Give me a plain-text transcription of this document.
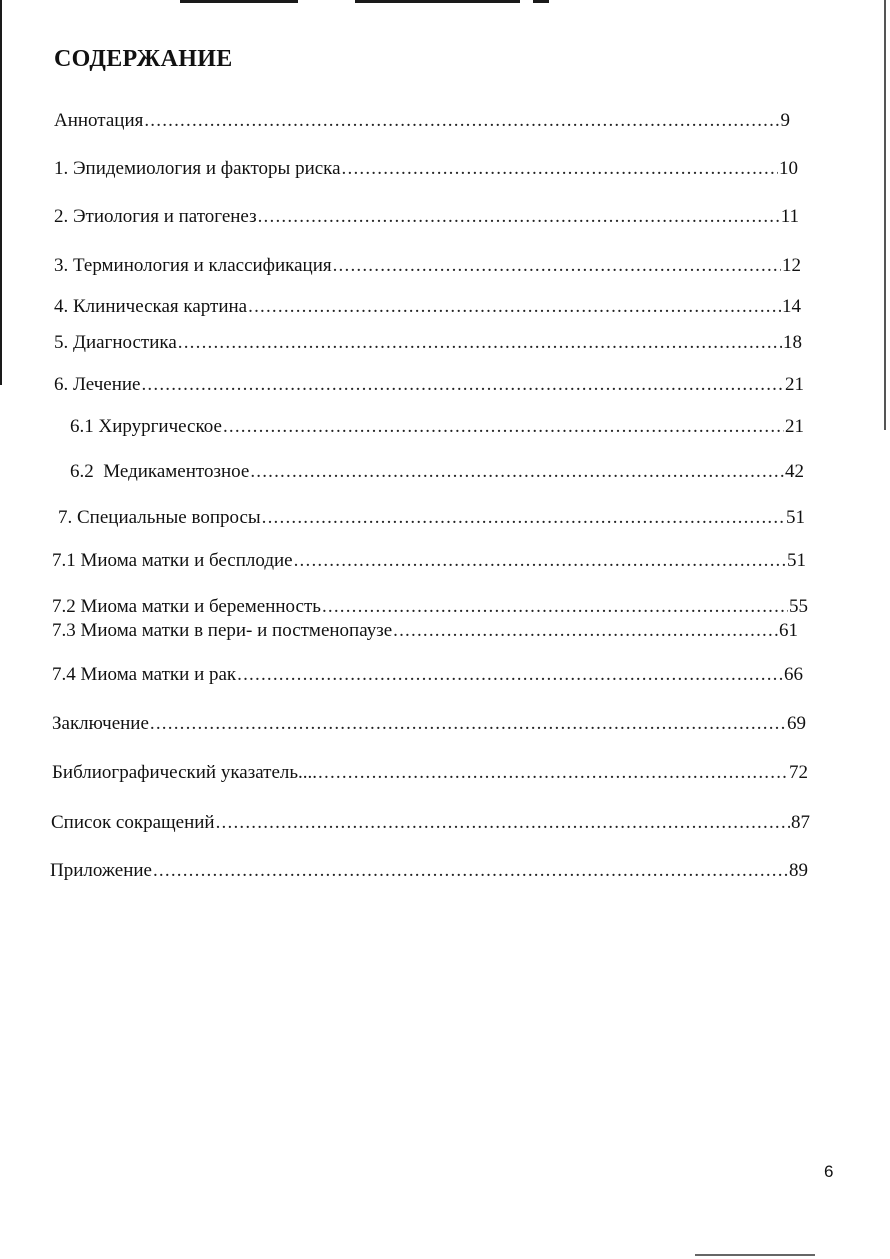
СОДЕРЖАНИЕ
Аннотация .....	9
1. Эпидемиология и факторы риска .....	10
2. Этиология и патогенез .....	11
3. Терминология и классификация .....	12
4. Клиническая картина .....	14
5. Диагностика .....	18
6. Лечение .....	21
6.1 Хирургическое .....	21
6.2  Медикаментозное .....	42
7. Специальные вопросы .....	51
7.1 Миома матки и бесплодие .....	51
7.2 Миома матки и беременность .....	55
7.3 Миома матки в пери- и постменопаузе .....	61
7.4 Миома матки и рак .....	66
Заключение .....	69
Библиографический указатель.... .....	72
Список сокращений .....	87
Приложение .....	89
6
